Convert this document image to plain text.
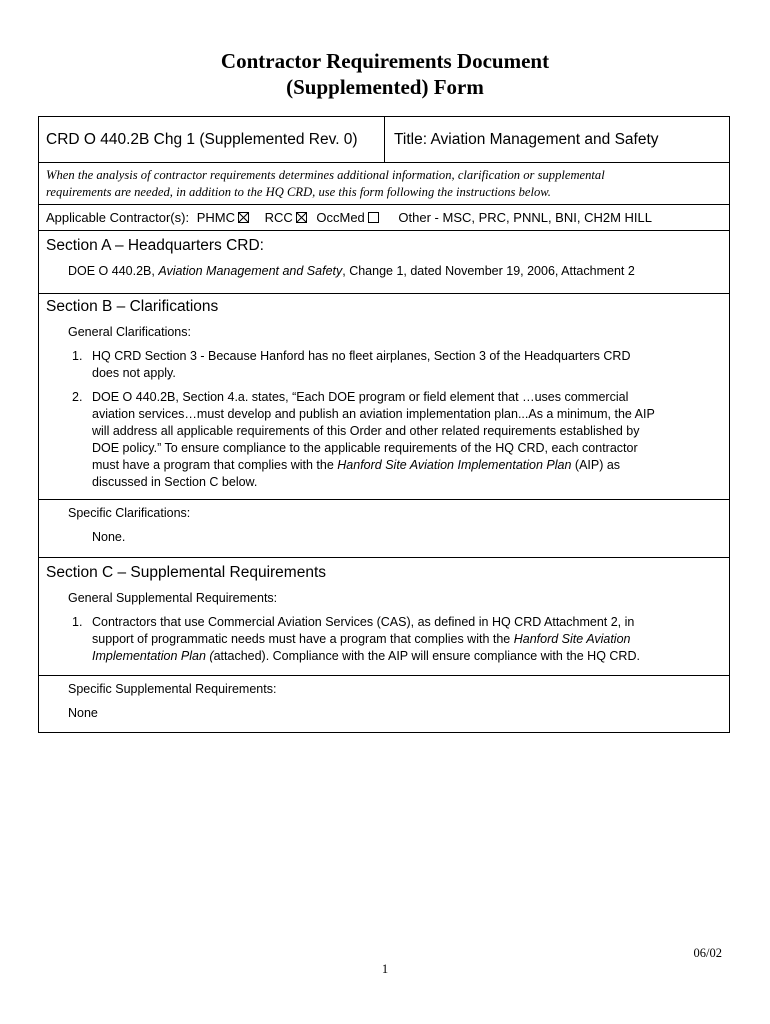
Contractor Requirements Document
(Supplemented) Form
CRD O 440.2B Chg 1 (Supplemented Rev. 0) Title: Aviation Management and Safety
When the analysis of contractor requirements determines additional information, clarification or supplemental
requirements are needed, in addition to the HQ CRD, use this form following the instructions below.
Applicable Contractor(s): PHMC RCC OccMed	Other - MSC, PRC, PNNL, BNI, CH2M HILL
Section A – Headquarters CRD:
DOE O 440.2B, Aviation Management and Safety, Change 1, dated November 19, 2006, Attachment 2
Section B – Clarifications
General Clarifications:
1. HQ CRD Section 3 - Because Hanford has no fleet airplanes, Section 3 of the Headquarters CRD
does not apply.
2. DOE O 440.2B, Section 4.a. states, “Each DOE program or field element that …uses commercial
aviation services…must develop and publish an aviation implementation plan...As a minimum, the AIP
will address all applicable requirements of this Order and other related requirements established by
DOE policy.” To ensure compliance to the applicable requirements of the HQ CRD, each contractor
must have a program that complies with the Hanford Site Aviation Implementation Plan (AIP) as
discussed in Section C below.
Specific Clarifications:
None.
Section C – Supplemental Requirements
General Supplemental Requirements:
1. Contractors that use Commercial Aviation Services (CAS), as defined in HQ CRD Attachment 2, in
support of programmatic needs must have a program that complies with the Hanford Site Aviation
Implementation Plan (attached). Compliance with the AIP will ensure compliance with the HQ CRD.
Specific Supplemental Requirements:
None
06/02
1
